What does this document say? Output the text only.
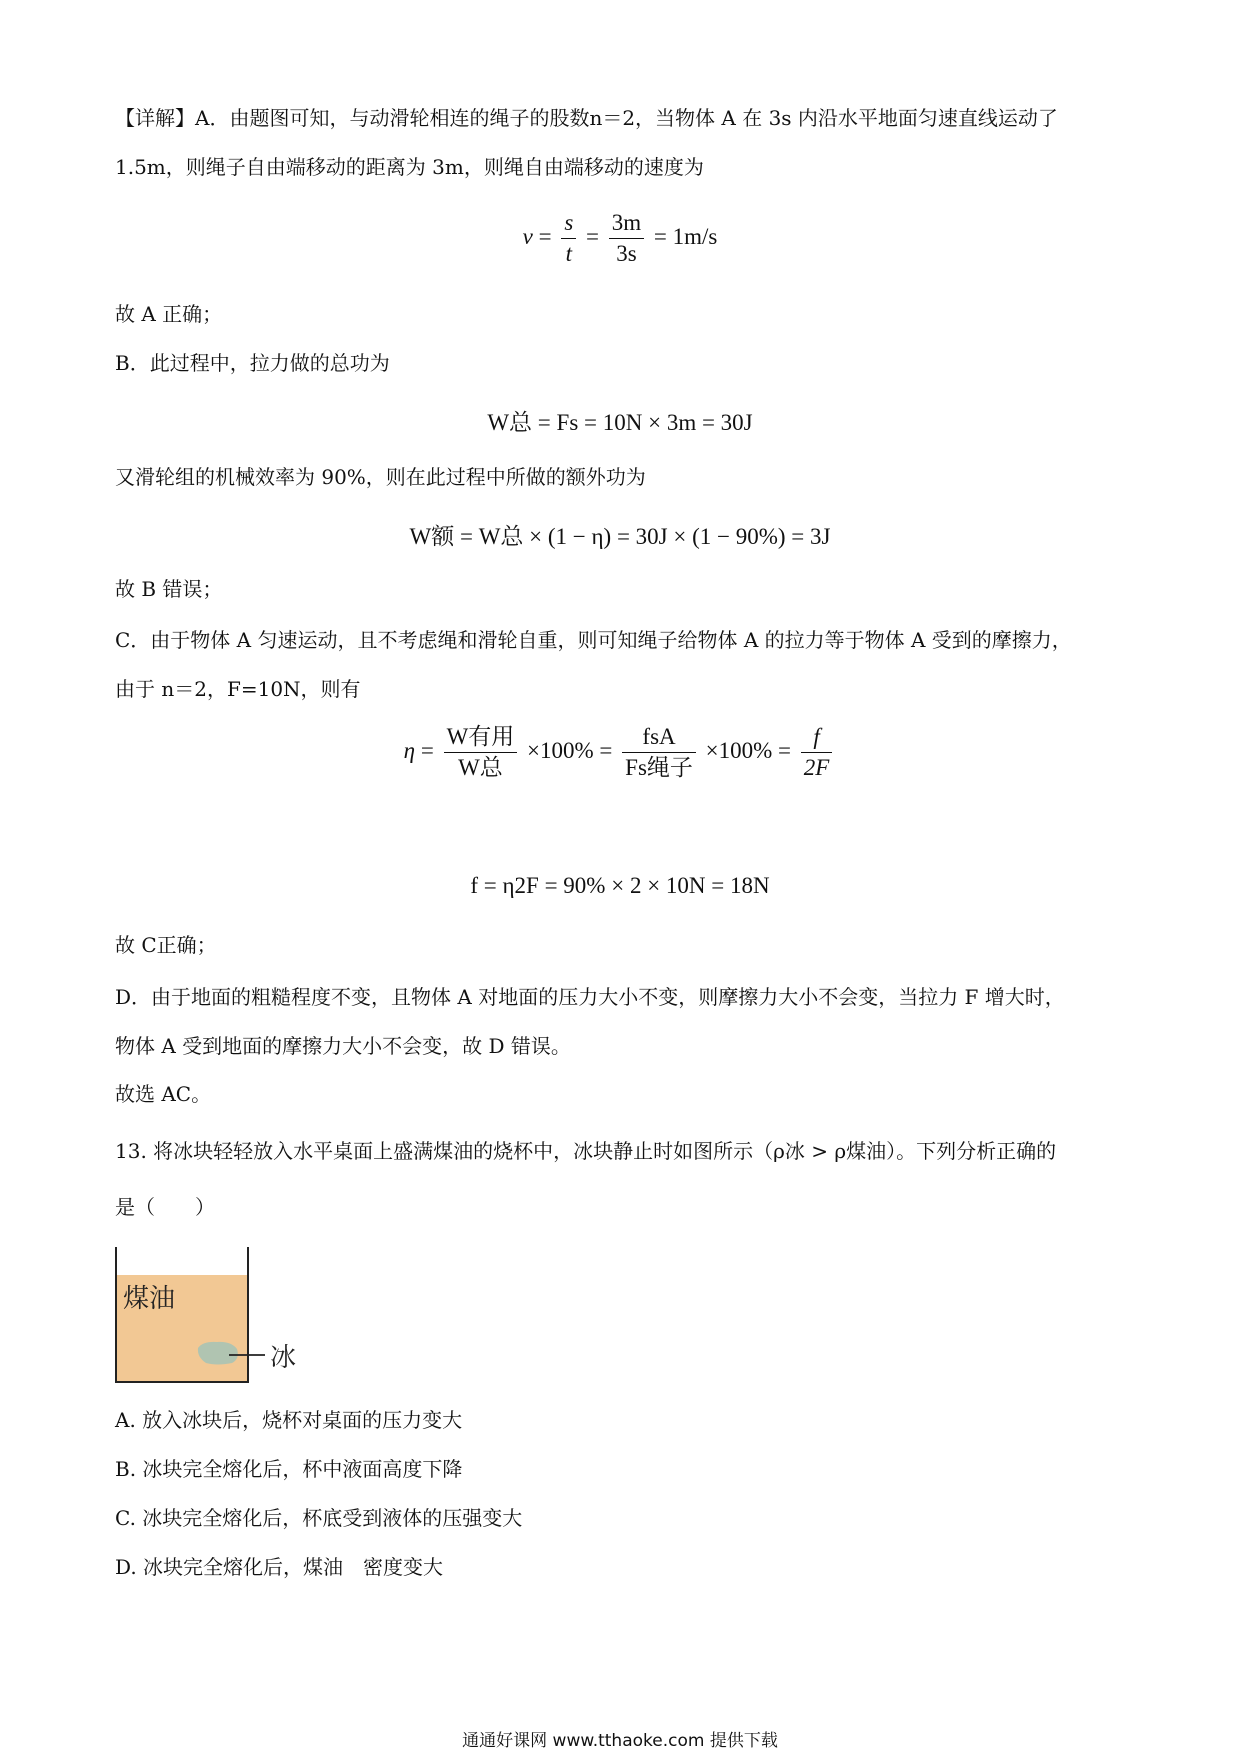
【详解】A．由题图可知，与动滑轮相连的绳子的股数n＝2，当物体 A 在 3s 内沿水平地面匀速直线运动了
1.5m，则绳子自由端移动的距离为 3m，则绳自由端移动的速度为
$v = \frac{s}{t} = \frac{3m}{3s} = 1m/s$
故 A 正确；
B．此过程中，拉力做的总功为
W总 = Fs = 10N × 3m = 30J
又滑轮组的机械效率为 90%，则在此过程中所做的额外功为
W额 = W总 × (1 − η) = 30J × (1 − 90%) = 3J
故 B 错误；
C．由于物体 A 匀速运动，且不考虑绳和滑轮自重，则可知绳子给物体 A 的拉力等于物体 A 受到的摩擦力，
由于 n＝2，F=10N，则有
$\eta = \frac{\text{W有用}}{\text{W总}} \times 100\% = \frac{\text{fsA}}{\text{Fs绳子}} \times 100\% = \frac{f}{2F}$
f = η2F = 90% × 2 × 10N = 18N
故 C正确；
D．由于地面的粗糙程度不变，且物体 A 对地面的压力大小不变，则摩擦力大小不会变，当拉力 F 增大时，
物体 A 受到地面的摩擦力大小不会变，故 D 错误。
故选 AC。
13. 将冰块轻轻放入水平桌面上盛满煤油的烧杯中，冰块静止时如图所示（ρ冰 > ρ煤油）。下列分析正确的
是（　　）
煤油
冰
A. 放入冰块后，烧杯对桌面的压力变大
B. 冰块完全熔化后，杯中液面高度下降
C. 冰块完全熔化后，杯底受到液体的压强变大
D. 冰块完全熔化后，煤油　密度变大
通通好课网 www.tthaoke.com 提供下载
